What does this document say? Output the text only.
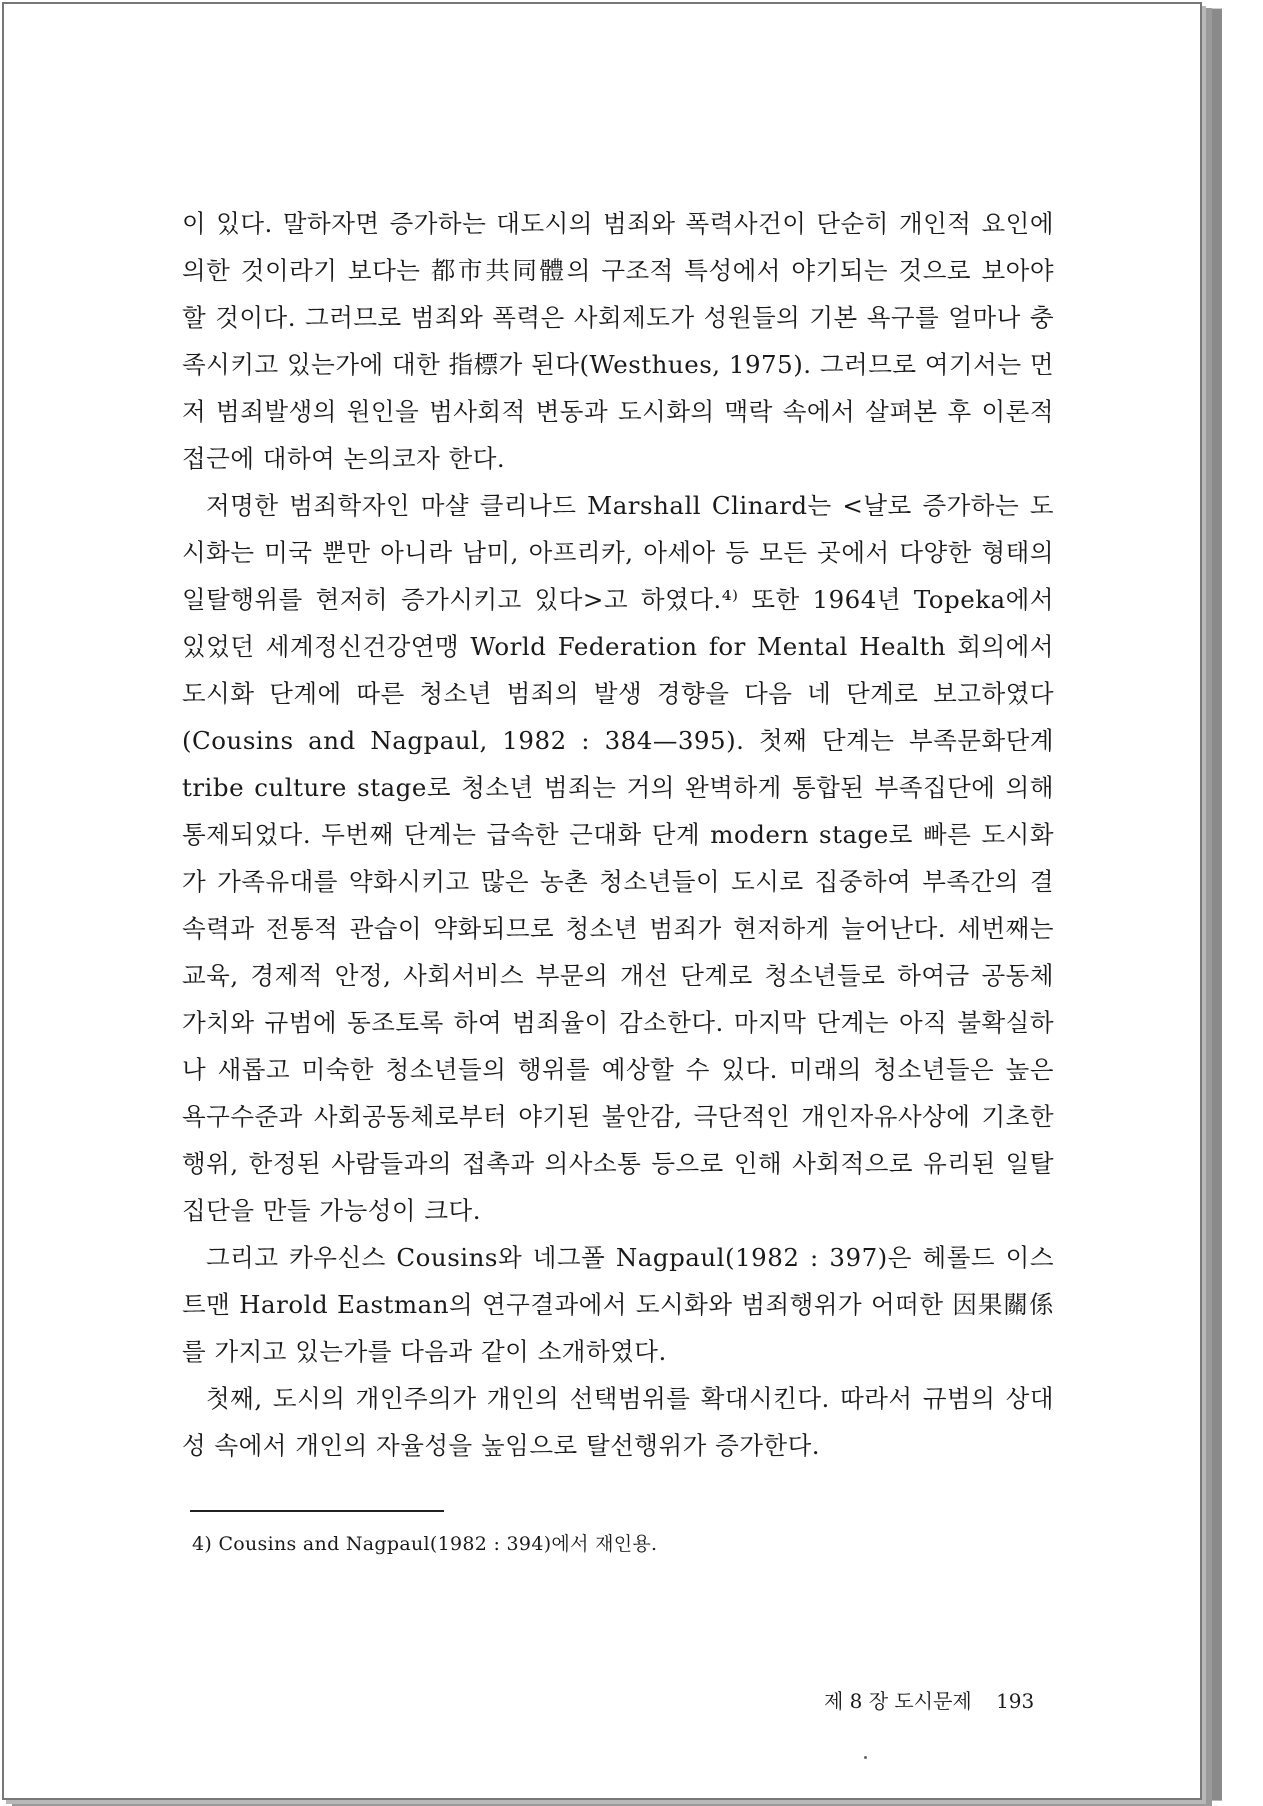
이 있다. 말하자면 증가하는 대도시의 범죄와 폭력사건이 단순히 개인적 요인에 의한 것이라기 보다는 都市共同體의 구조적 특성에서 야기되는 것으로 보아야 할 것이다. 그러므로 범죄와 폭력은 사회제도가 성원들의 기본 욕구를 얼마나 충족시키고 있는가에 대한 指標가 된다(Westhues, 1975). 그러므로 여기서는 먼저 범죄발생의 원인을 범사회적 변동과 도시화의 맥락 속에서 살펴본 후 이론적 접근에 대하여 논의코자 한다.

저명한 범죄학자인 마샬 클리나드 Marshall Clinard는 <날로 증가하는 도시화는 미국 뿐만 아니라 남미, 아프리카, 아세아 등 모든 곳에서 다양한 형태의 일탈행위를 현저히 증가시키고 있다>고 하였다.⁴⁾ 또한 1964년 Topeka에서 있었던 세계정신건강연맹 World Federation for Mental Health 회의에서 도시화 단계에 따른 청소년 범죄의 발생 경향을 다음 네 단계로 보고하였다 (Cousins and Nagpaul, 1982 : 384—395). 첫째 단계는 부족문화단계 tribe culture stage로 청소년 범죄는 거의 완벽하게 통합된 부족집단에 의해 통제되었다. 두번째 단계는 급속한 근대화 단계 modern stage로 빠른 도시화가 가족유대를 약화시키고 많은 농촌 청소년들이 도시로 집중하여 부족간의 결속력과 전통적 관습이 약화되므로 청소년 범죄가 현저하게 늘어난다. 세번째는 교육, 경제적 안정, 사회서비스 부문의 개선 단계로 청소년들로 하여금 공동체 가치와 규범에 동조토록 하여 범죄율이 감소한다. 마지막 단계는 아직 불확실하나 새롭고 미숙한 청소년들의 행위를 예상할 수 있다. 미래의 청소년들은 높은 욕구수준과 사회공동체로부터 야기된 불안감, 극단적인 개인자유사상에 기초한 행위, 한정된 사람들과의 접촉과 의사소통 등으로 인해 사회적으로 유리된 일탈집단을 만들 가능성이 크다.

그리고 카우신스 Cousins와 네그폴 Nagpaul(1982 : 397)은 헤롤드 이스트맨 Harold Eastman의 연구결과에서 도시화와 범죄행위가 어떠한 因果關係를 가지고 있는가를 다음과 같이 소개하였다.

첫째, 도시의 개인주의가 개인의 선택범위를 확대시킨다. 따라서 규범의 상대성 속에서 개인의 자율성을 높임으로 탈선행위가 증가한다.

4) Cousins and Nagpaul(1982 : 394)에서 재인용.
제 8 장 도시문제 193
